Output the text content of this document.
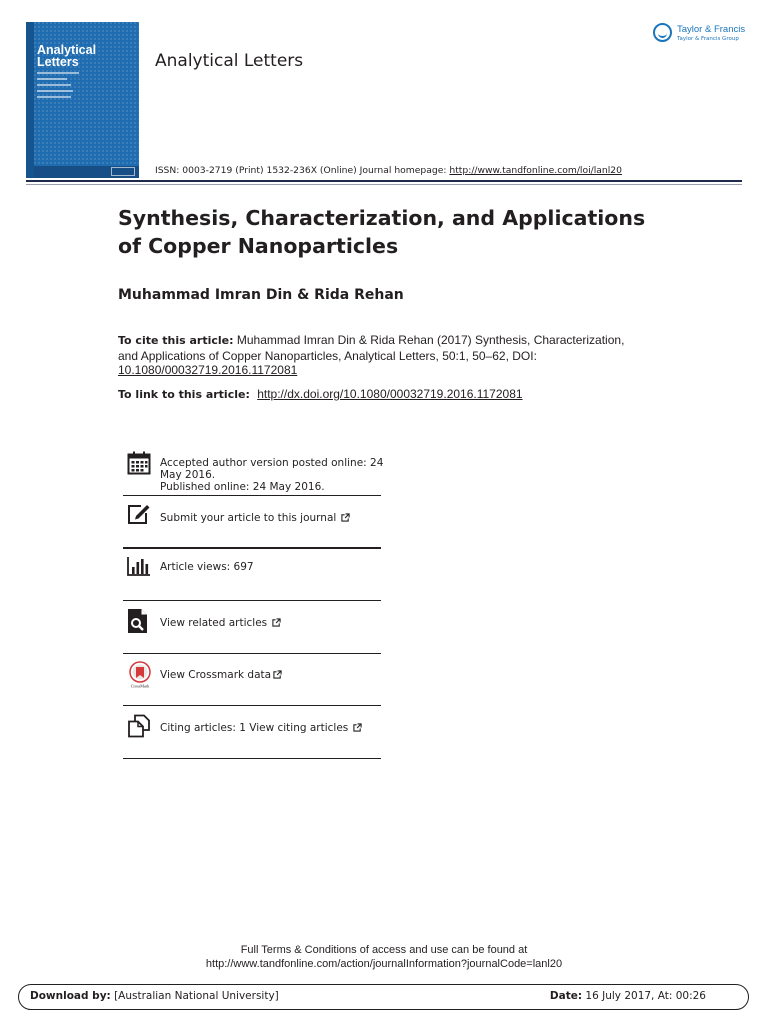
Analytical Letters	Analytical Letters
ISSN: 0003-2719 (Print) 1532-236X (Online) Journal homepage: http://www.tandfonline.com/loi/lanl20
Taylor & Francis
Taylor & Francis Group
Synthesis, Characterization, and Applications of Copper Nanoparticles

Muhammad Imran Din & Rida Rehan

To cite this article: Muhammad Imran Din & Rida Rehan (2017) Synthesis, Characterization, and Applications of Copper Nanoparticles, Analytical Letters, 50:1, 50–62, DOI: 10.1080/00032719.2016.1172081
To link to this article: http://dx.doi.org/10.1080/00032719.2016.1172081
Accepted author version posted online: 24
May 2016.
Published online: 24 May 2016.
Submit your article to this journal
Article views: 697
View related articles
CrossMark
View Crossmark data
Citing articles: 1 View citing articles
Full Terms & Conditions of access and use can be found at
http://www.tandfonline.com/action/journalInformation?journalCode=lanl20
Download by: [Australian National University]	Date: 16 July 2017, At: 00:26
